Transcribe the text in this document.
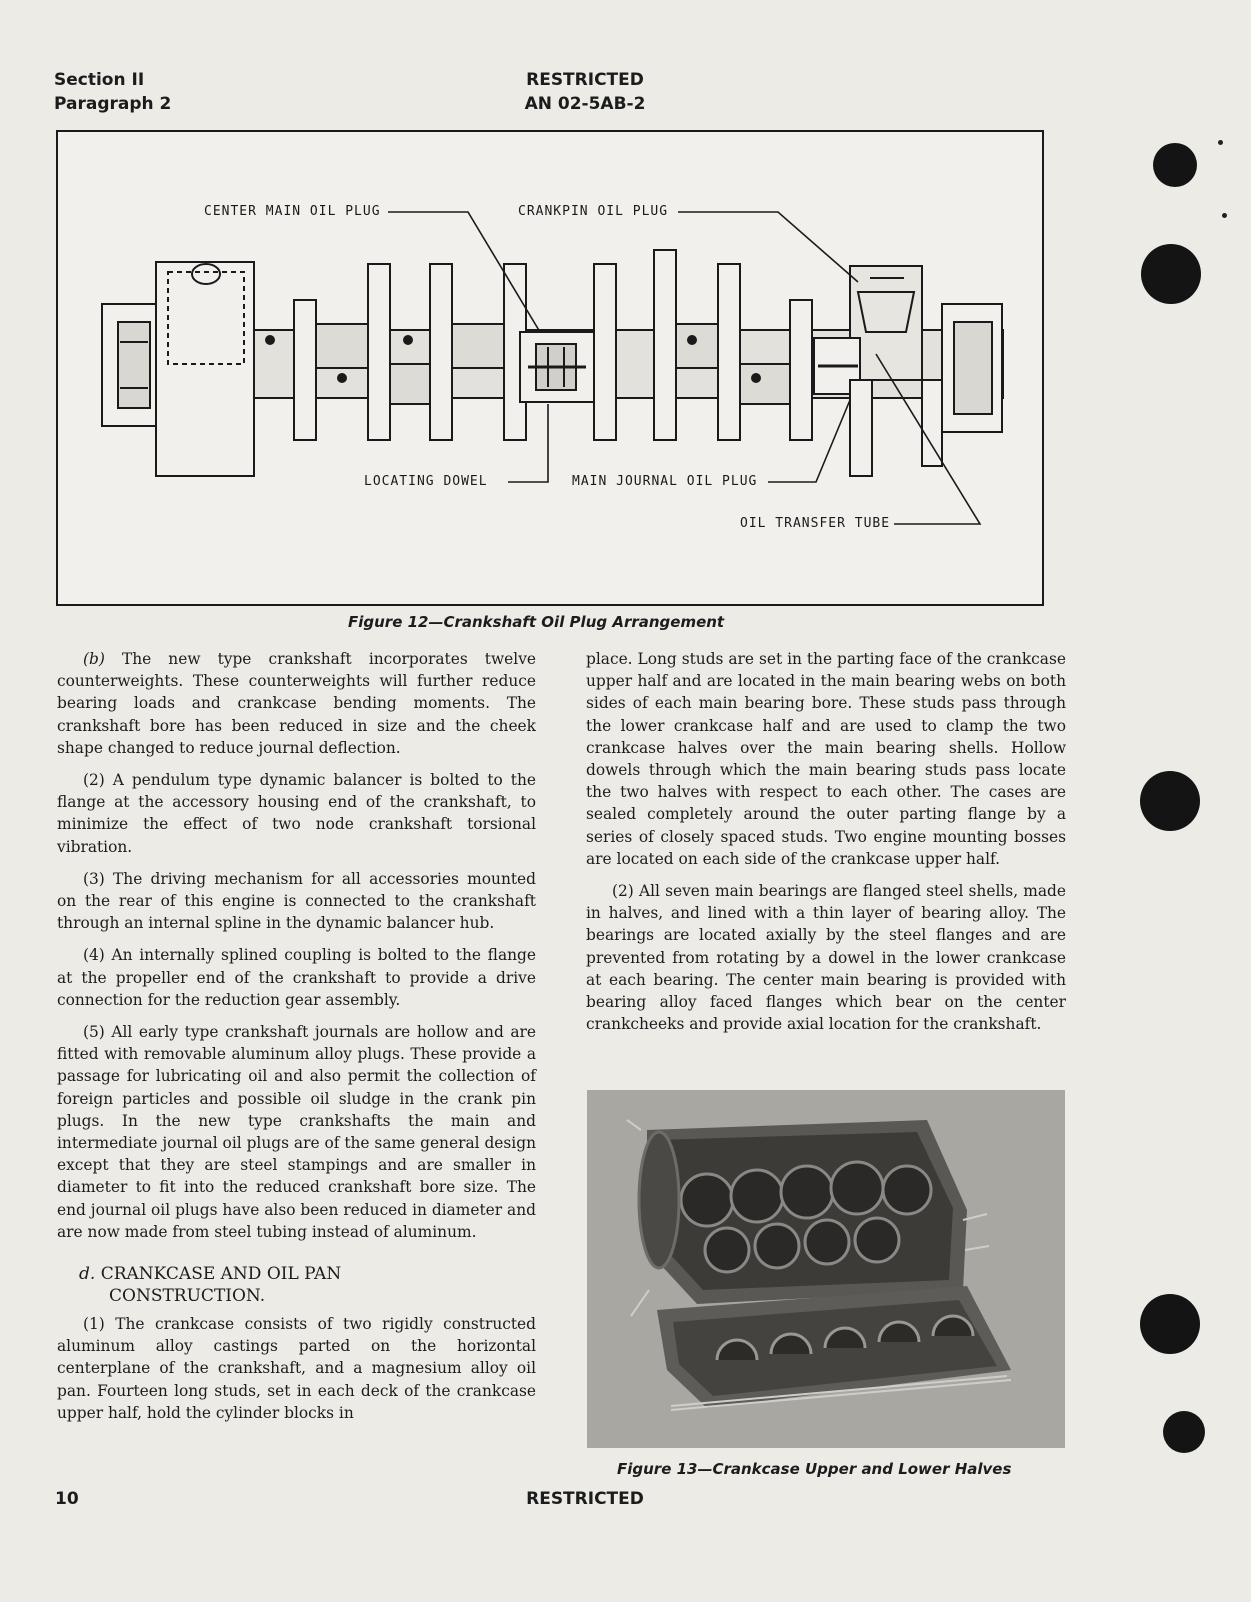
Section II
Paragraph 2
RESTRICTED
AN 02-5AB-2
CENTER MAIN OIL PLUG	CRANKPIN OIL PLUG
LOCATING DOWEL	MAIN JOURNAL OIL PLUG
OIL TRANSFER TUBE
Figure 12—Crankshaft Oil Plug Arrangement

(b) The new type crankshaft incorporates twelve counterweights. These counterweights will further reduce bearing loads and crankcase bending moments. The crankshaft bore has been reduced in size and the cheek shape changed to reduce journal deflection.

(2) A pendulum type dynamic balancer is bolted to the flange at the accessory housing end of the crankshaft, to minimize the effect of two node crankshaft torsional vibration.

(3) The driving mechanism for all accessories mounted on the rear of this engine is connected to the crankshaft through an internal spline in the dynamic balancer hub.

(4) An internally splined coupling is bolted to the flange at the propeller end of the crankshaft to provide a drive connection for the reduction gear assembly.

(5) All early type crankshaft journals are hollow and are fitted with removable aluminum alloy plugs. These provide a passage for lubricating oil and also permit the collection of foreign particles and possible oil sludge in the crank pin plugs. In the new type crankshafts the main and intermediate journal oil plugs are of the same general design except that they are steel stampings and are smaller in diameter to fit into the reduced crankshaft bore size. The end journal oil plugs have also been reduced in diameter and are now made from steel tubing instead of aluminum.

d. CRANKCASE AND OIL PAN
CONSTRUCTION.

(1) The crankcase consists of two rigidly constructed aluminum alloy castings parted on the horizontal centerplane of the crankshaft, and a magnesium alloy oil pan. Fourteen long studs, set in each deck of the crankcase upper half, hold the cylinder blocks in

place. Long studs are set in the parting face of the crankcase upper half and are located in the main bearing webs on both sides of each main bearing bore. These studs pass through the lower crankcase half and are used to clamp the two crankcase halves over the main bearing shells. Hollow dowels through which the main bearing studs pass locate the two halves with respect to each other. The cases are sealed completely around the outer parting flange by a series of closely spaced studs. Two engine mounting bosses are located on each side of the crankcase upper half.

(2) All seven main bearings are flanged steel shells, made in halves, and lined with a thin layer of bearing alloy. The bearings are located axially by the steel flanges and are prevented from rotating by a dowel in the lower crankcase at each bearing. The center main bearing is provided with bearing alloy faced flanges which bear on the center crankcheeks and provide axial location for the crankshaft.

Figure 13—Crankcase Upper and Lower Halves
10	RESTRICTED
